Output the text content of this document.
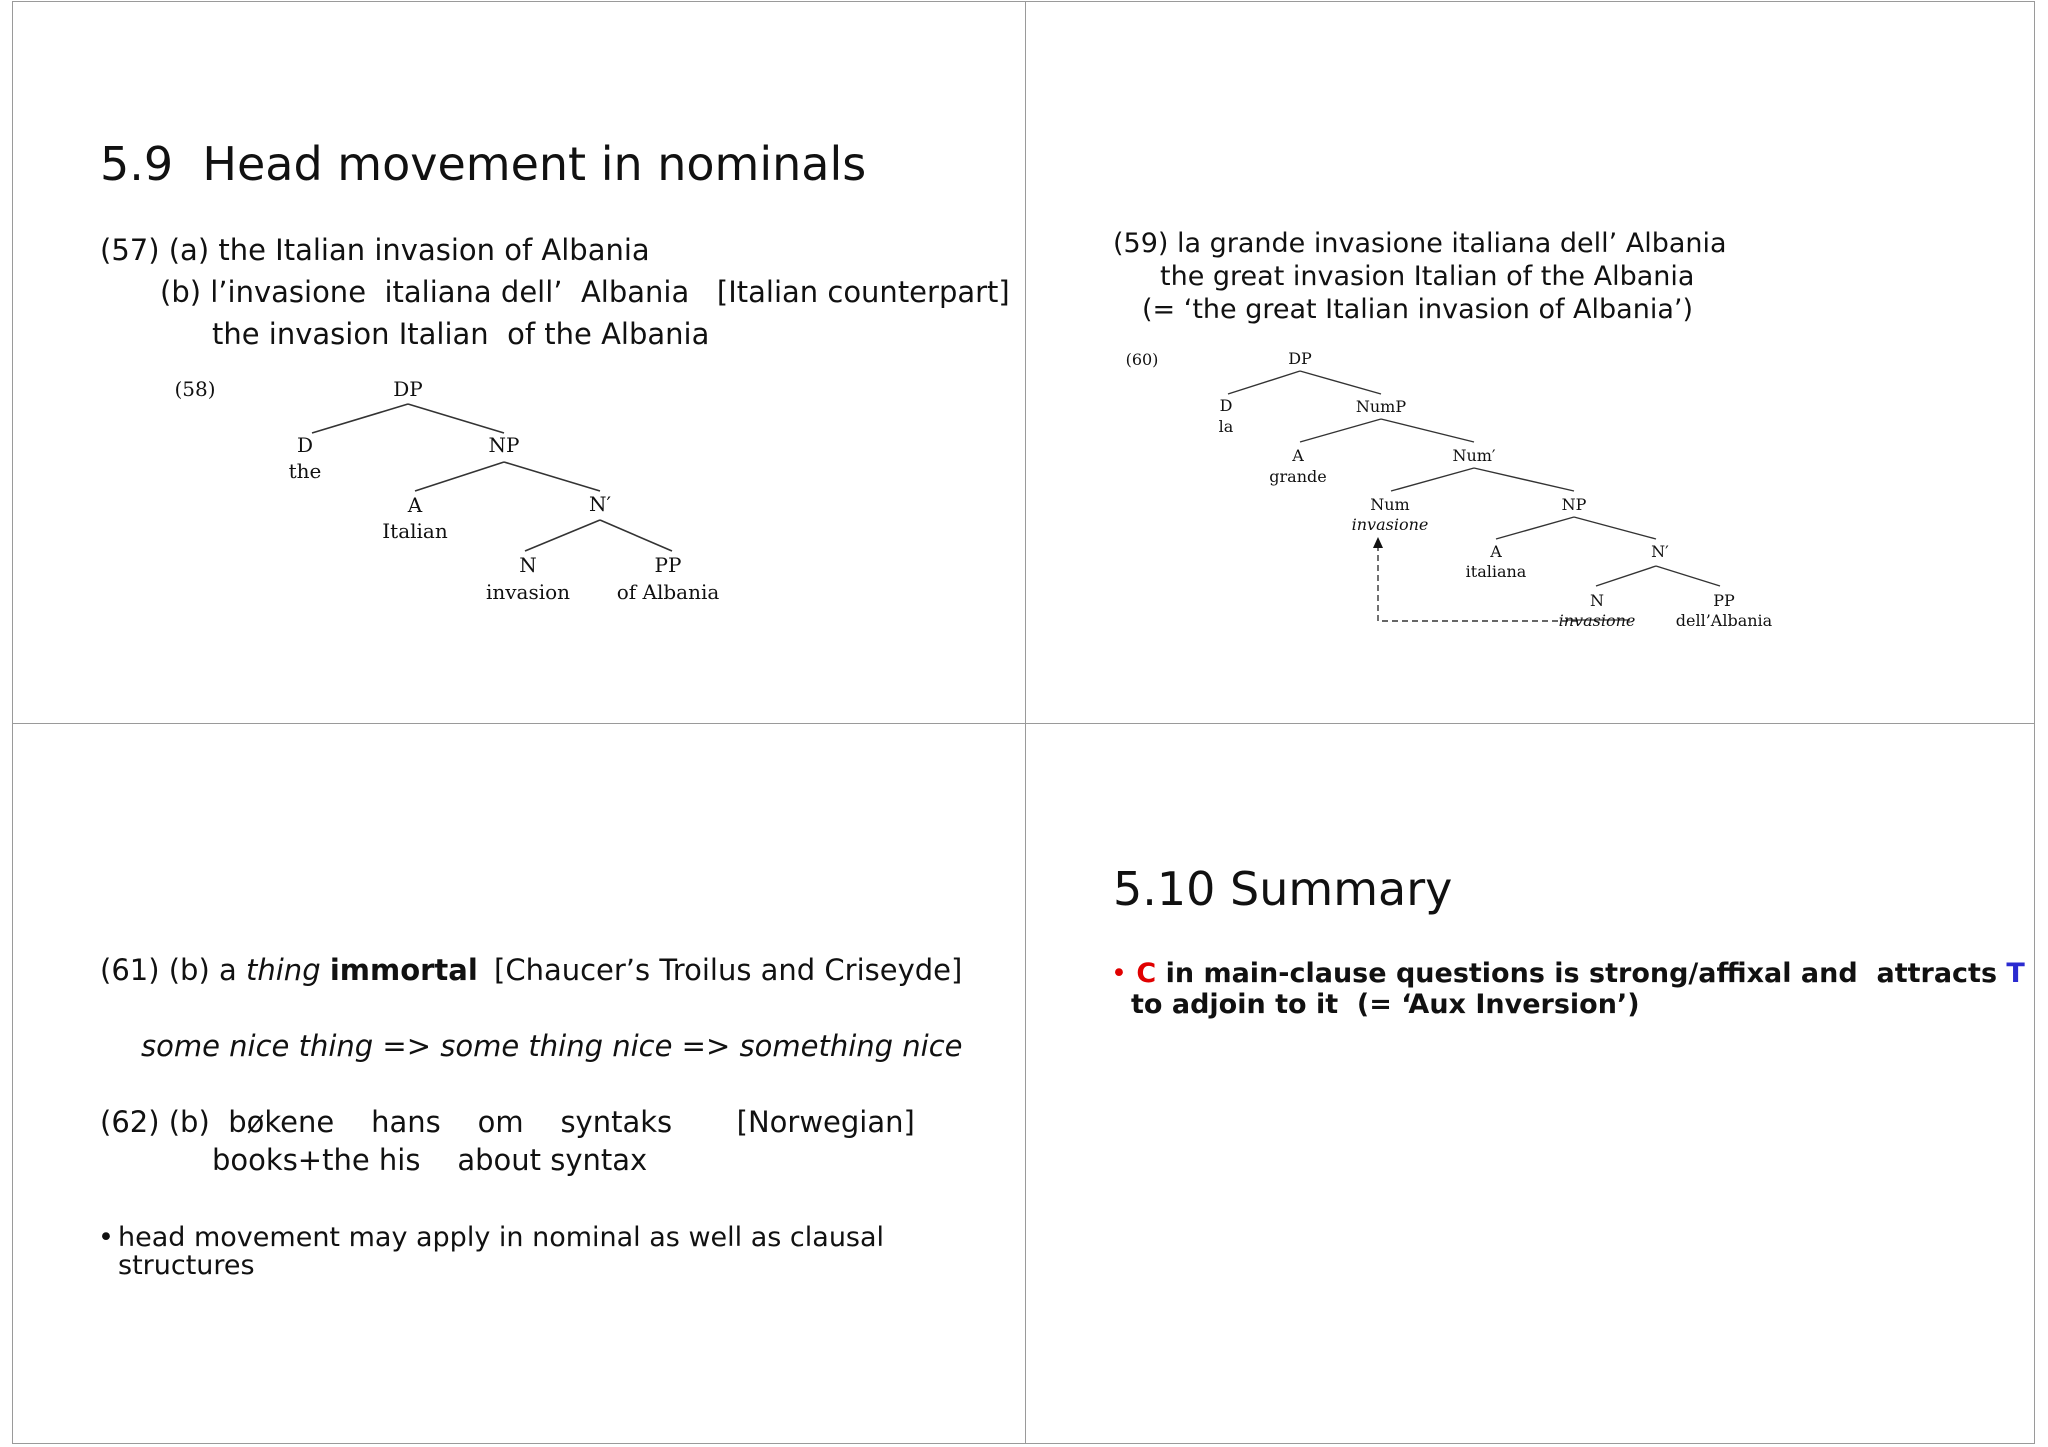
5.9  Head movement in nominals
(57) (a) the Italian invasion of Albania
(b) l’invasione  italiana dell’  Albania   [Italian counterpart]
the invasion Italian  of the Albania
(58)	DP
D
the
NP
A
Italian
N′
N
invasion
PP
of Albania
(59) la grande invasione italiana dell’ Albania
the great invasion Italian of the Albania
(= ‘the great Italian invasion of Albania’)
(60)	DP
D
la
NumP
A
grande
Num′
Num
invasione
NP
A
italiana
N′
N
invasione
PP
dell’Albania
(61) (b) a thing immortal [Chaucer’s Troilus and Criseyde]
some nice thing => some thing nice => something nice
(62) (b)  bøkene    hans    om    syntaks       [Norwegian]
books+the his    about syntax
• head movement may apply in nominal as well as clausal
structures
5.10 Summary
• C in main-clause questions is strong/affixal and  attracts T
to adjoin to it  (= ‘Aux Inversion’)
